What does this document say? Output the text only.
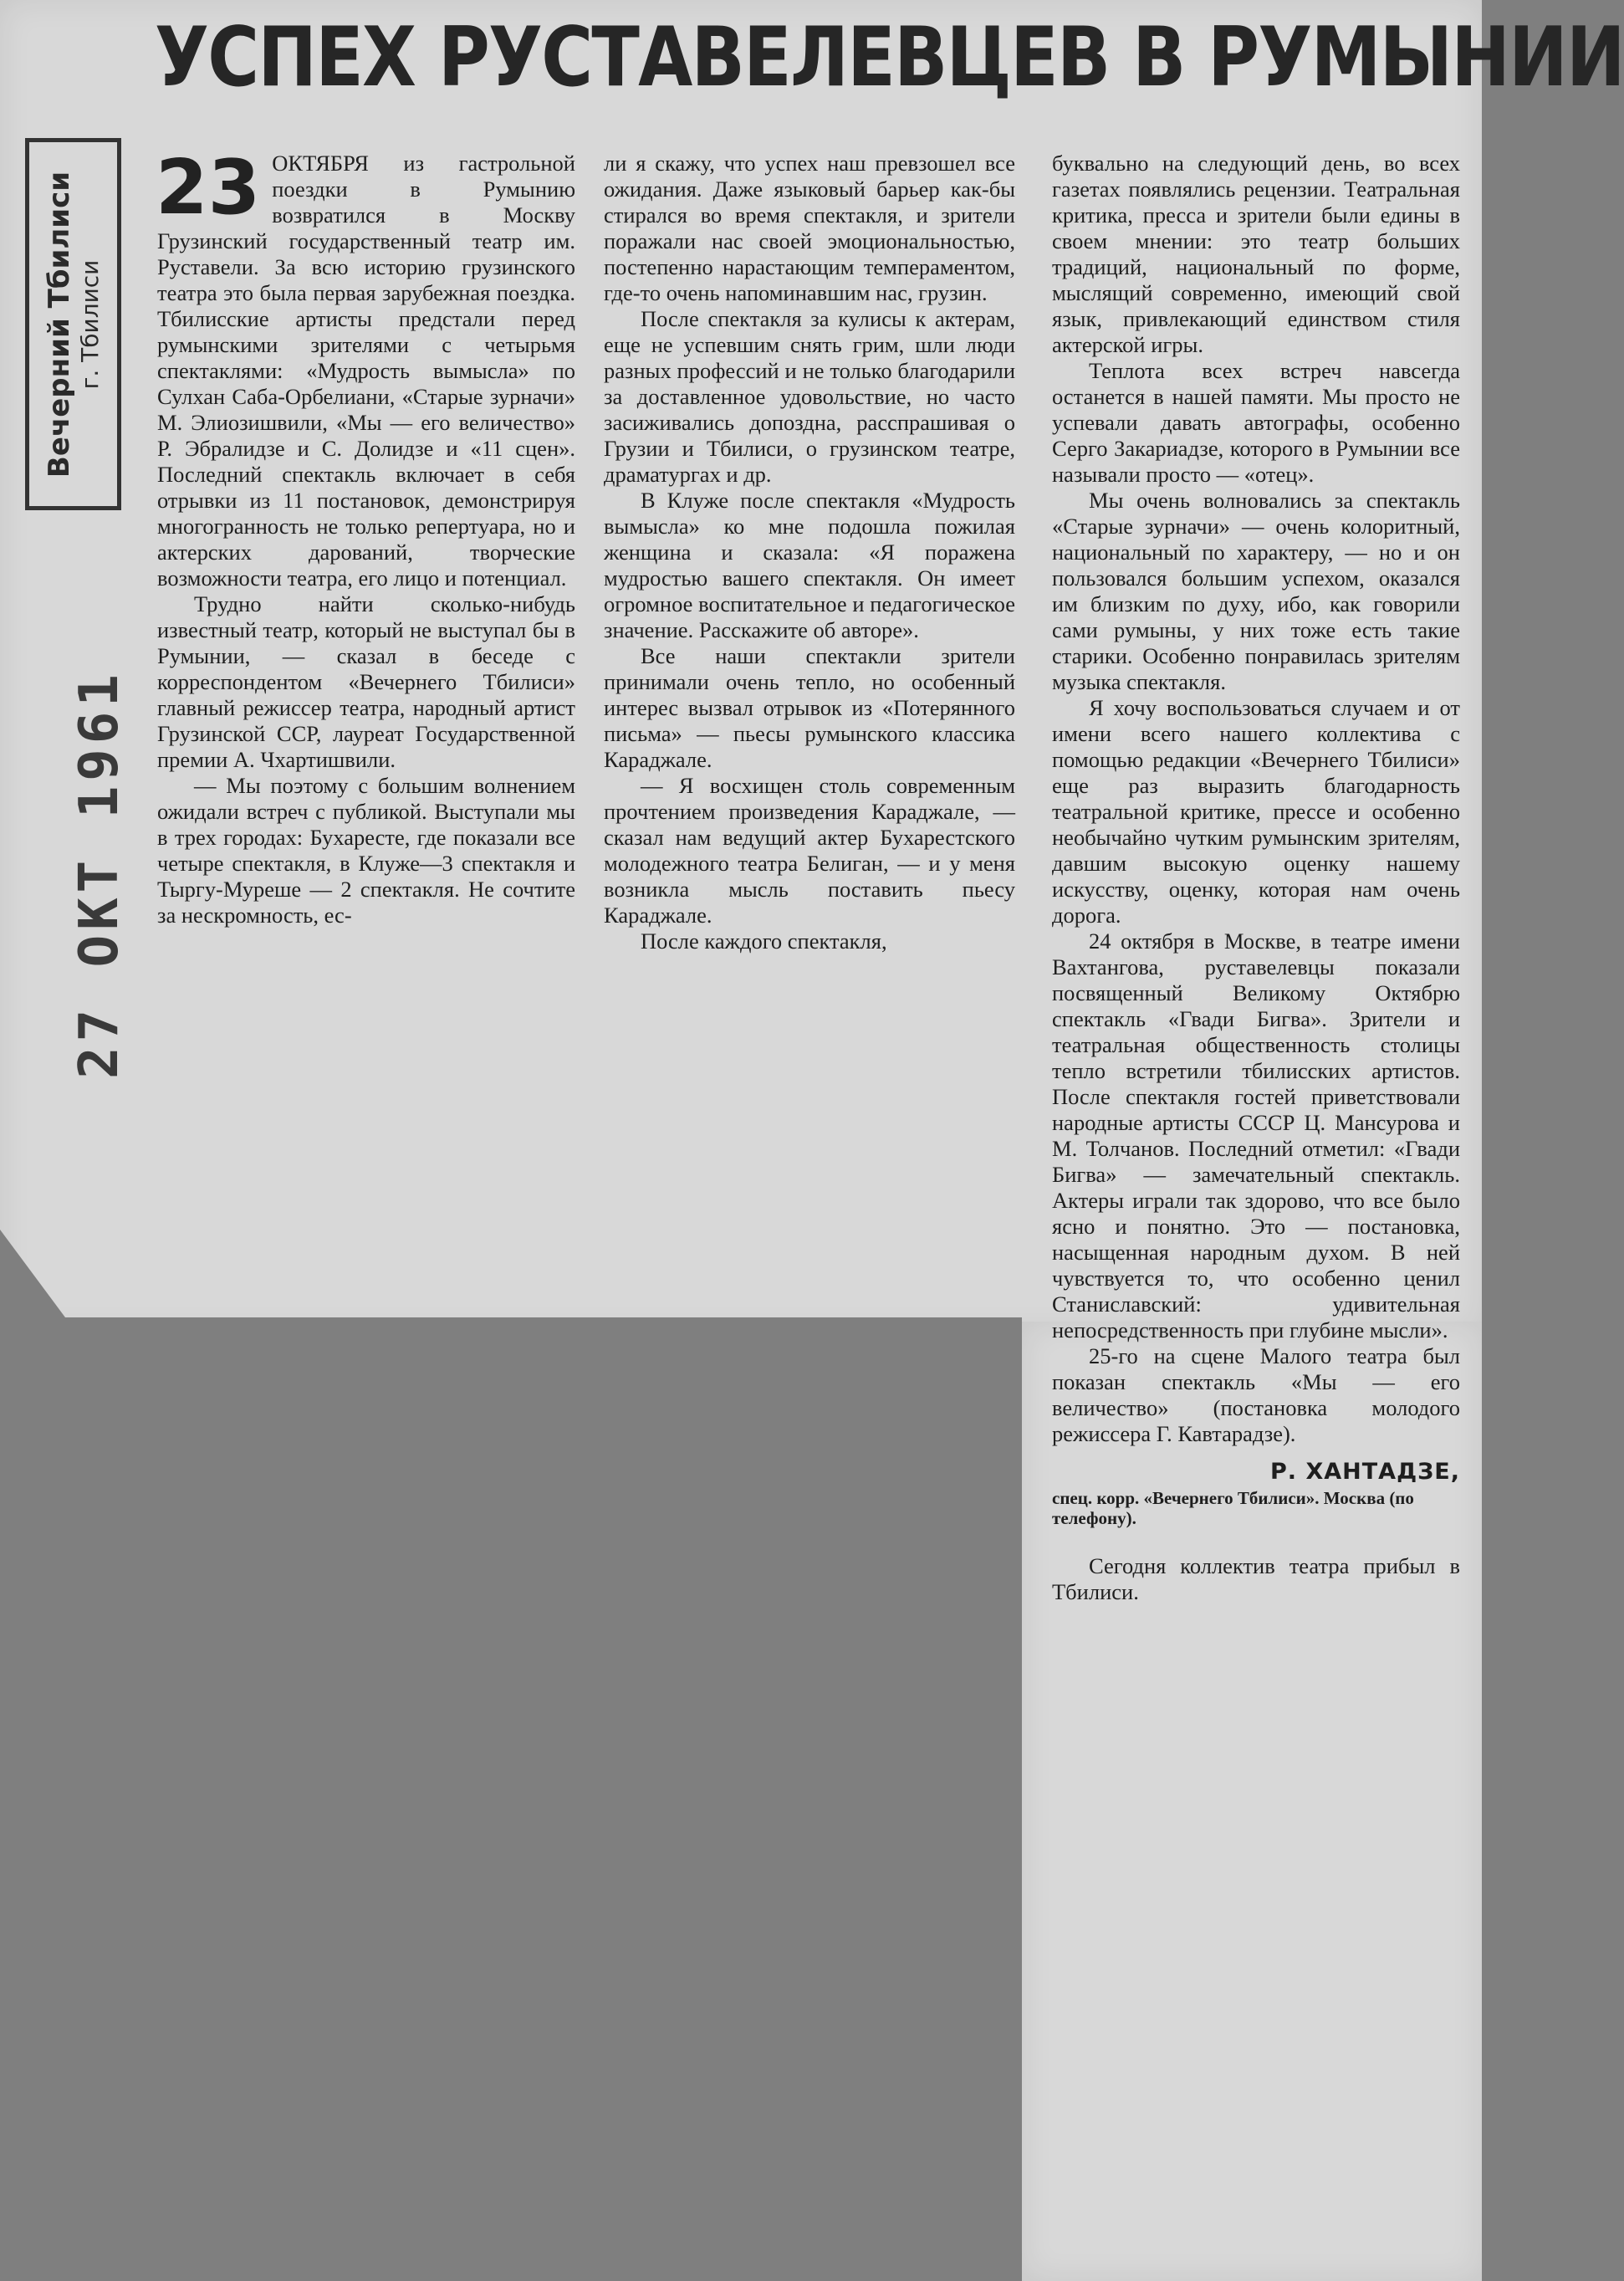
УСПЕХ РУСТАВЕЛЕВЦЕВ В РУМЫНИИ
Вечерний Тбилиси г. Тбилиси
27 ОКТ 1961

23 ОКТЯБРЯ из гастрольной поездки в Румынию возвратился в Москву Грузинский государственный театр им. Руставели. За всю историю грузинского театра это была первая зарубежная поездка. Тбилисские артисты предстали перед румынскими зрителями с четырьмя спектаклями: «Мудрость вымысла» по Сулхан Саба-Орбелиани, «Старые зурначи» М. Элиозишвили, «Мы — его величество» Р. Эбралидзе и С. Долидзе и «11 сцен». Последний спектакль включает в себя отрывки из 11 постановок, демонстрируя многогранность не только репертуара, но и актерских дарований, творческие возможности театра, его лицо и потенциал.

Трудно найти сколько-нибудь известный театр, который не выступал бы в Румынии, — сказал в беседе с корреспондентом «Вечернего Тбилиси» главный режиссер театра, народный артист Грузинской ССР, лауреат Государственной премии А. Чхартишвили.

— Мы поэтому с большим волнением ожидали встреч с публикой. Выступали мы в трех городах: Бухаресте, где показали все четыре спектакля, в Клуже—3 спектакля и Тыргу-Муреше — 2 спектакля. Не сочтите за нескромность, ес-

ли я скажу, что успех наш превзошел все ожидания. Даже языковый барьер как-бы стирался во время спектакля, и зрители поражали нас своей эмоциональностью, постепенно нарастающим темпераментом, где-то очень напоминавшим нас, грузин.

После спектакля за кулисы к актерам, еще не успевшим снять грим, шли люди разных профессий и не только благодарили за доставленное удовольствие, но часто засиживались допоздна, расспрашивая о Грузии и Тбилиси, о грузинском театре, драматургах и др.

В Клуже после спектакля «Мудрость вымысла» ко мне подошла пожилая женщина и сказала: «Я поражена мудростью вашего спектакля. Он имеет огромное воспитательное и педагогическое значение. Расскажите об авторе».

Все наши спектакли зрители принимали очень тепло, но особенный интерес вызвал отрывок из «Потерянного письма» — пьесы румынского классика Караджале.

— Я восхищен столь современным прочтением произведения Караджале, — сказал нам ведущий актер Бухарестского молодежного театра Белиган, — и у меня возникла мысль поставить пьесу Караджале.

После каждого спектакля,

буквально на следующий день, во всех газетах появлялись рецензии. Театральная критика, пресса и зрители были едины в своем мнении: это театр больших традиций, национальный по форме, мыслящий современно, имеющий свой язык, привлекающий единством стиля актерской игры.

Теплота всех встреч навсегда останется в нашей памяти. Мы просто не успевали давать автографы, особенно Серго Закариадзе, которого в Румынии все называли просто — «отец».

Мы очень волновались за спектакль «Старые зурначи» — очень колоритный, национальный по характеру, — но и он пользовался большим успехом, оказался им близким по духу, ибо, как говорили сами румыны, у них тоже есть такие старики. Особенно понравилась зрителям музыка спектакля.

Я хочу воспользоваться случаем и от имени всего нашего коллектива с помощью редакции «Вечернего Тбилиси» еще раз выразить благодарность театральной критике, прессе и особенно необычайно чутким румынским зрителям, давшим высокую оценку нашему искусству, оценку, которая нам очень дорога.

24 октября в Москве, в театре имени Вахтангова, руставелевцы показали посвященный Великому Октябрю спектакль «Гвади Бигва». Зрители и театральная общественность столицы тепло встретили тбилисских артистов. После спектакля гостей приветствовали народные артисты СССР Ц. Мансурова и М. Толчанов. Последний отметил: «Гвади Бигва» — замечательный спектакль. Актеры играли так здорово, что все было ясно и понятно. Это — постановка, насыщенная народным духом. В ней чувствуется то, что особенно ценил Станиславский: удивительная непосредственность при глубине мысли».

25-го на сцене Малого театра был показан спектакль «Мы — его величество» (постановка молодого режиссера Г. Кавтарадзе).

Р. ХАНТАДЗЕ,

спец. корр. «Вечернего Тбилиси». Москва (по телефону).

Сегодня коллектив театра прибыл в Тбилиси.
